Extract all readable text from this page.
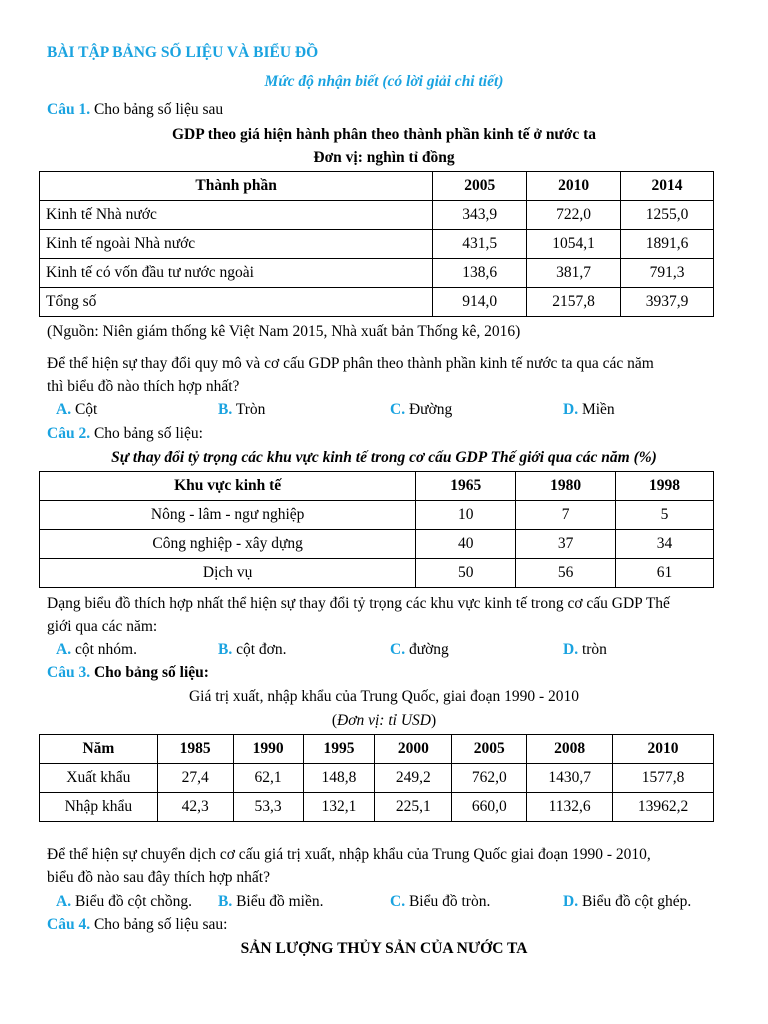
BÀI TẬP BẢNG SỐ LIỆU VÀ BIỂU ĐỒ
Mức độ nhận biết (có lời giải chi tiết)
Câu 1. Cho bảng số liệu sau
GDP theo giá hiện hành phân theo thành phần kinh tế ở nước ta
Đơn vị: nghìn tỉ đồng
Thành phần	2005	2010	2014
Kinh tế Nhà nước	343,9	722,0	1255,0
Kinh tế ngoài Nhà nước	431,5	1054,1	1891,6
Kinh tế có vốn đầu tư nước ngoài	138,6	381,7	791,3
Tổng số	914,0	2157,8	3937,9
(Nguồn: Niên giám thống kê Việt Nam 2015, Nhà xuất bản Thống kê, 2016)
Để thể hiện sự thay đổi quy mô và cơ cấu GDP phân theo thành phần kinh tế nước ta qua các năm
thì biểu đồ nào thích hợp nhất?
A. Cột	B. Tròn	C. Đường	D. Miền
Câu 2. Cho bảng số liệu:
Sự thay đổi tỷ trọng các khu vực kinh tế trong cơ cấu GDP Thế giới qua các năm (%)
Khu vực kinh tế	1965	1980	1998
Nông - lâm - ngư nghiệp	10	7	5
Công nghiệp - xây dựng	40	37	34
Dịch vụ	50	56	61
Dạng biểu đồ thích hợp nhất thể hiện sự thay đổi tỷ trọng các khu vực kinh tế trong cơ cấu GDP Thế
giới qua các năm:
A. cột nhóm.	B. cột đơn.	C. đường	D. tròn
Câu 3. Cho bảng số liệu:
Giá trị xuất, nhập khẩu của Trung Quốc, giai đoạn 1990 - 2010
(Đơn vị: tỉ USD)
Năm	1985	1990	1995	2000	2005	2008	2010
Xuất khẩu	27,4	62,1	148,8	249,2	762,0	1430,7	1577,8
Nhập khẩu	42,3	53,3	132,1	225,1	660,0	1132,6	13962,2
Để thể hiện sự chuyển dịch cơ cấu giá trị xuất, nhập khẩu của Trung Quốc giai đoạn 1990 - 2010,
biểu đồ nào sau đây thích hợp nhất?
A. Biểu đồ cột chồng. B. Biểu đồ miền.	C. Biểu đồ tròn.	D. Biểu đồ cột ghép.
Câu 4. Cho bảng số liệu sau:
SẢN LƯỢNG THỦY SẢN CỦA NƯỚC TA
